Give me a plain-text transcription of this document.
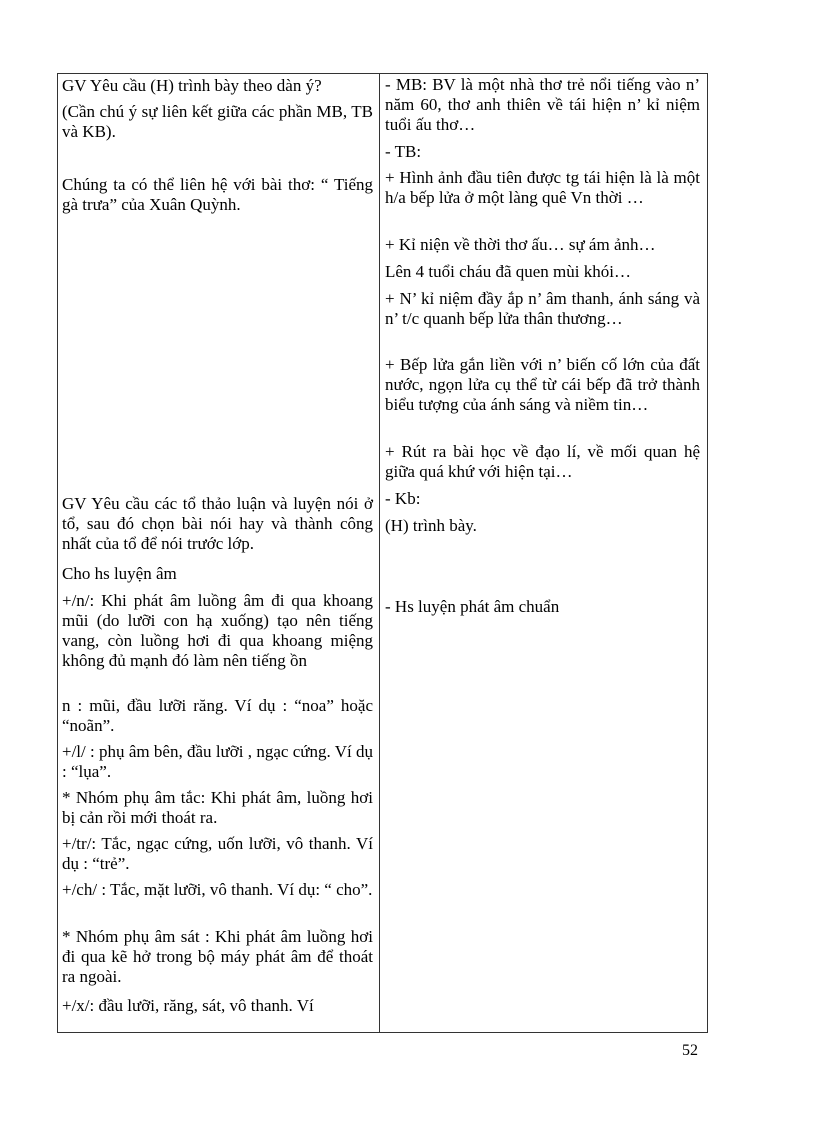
GV Yêu cầu (H) trình bày theo dàn ý?

(Cần chú ý sự liên kết giữa các phần MB, TB và KB).

Chúng ta có thể liên hệ với bài thơ: “ Tiếng gà trưa” của Xuân Quỳnh.

GV Yêu cầu các tổ thảo luận và luyện nói ở tổ, sau đó chọn bài nói hay và thành công nhất của tổ để nói trước lớp.

Cho hs luyện âm

+/n/: Khi phát âm luồng âm đi qua khoang mũi (do lưỡi con hạ xuống) tạo nên tiếng vang, còn luồng hơi đi qua khoang miệng không đủ mạnh đó làm nên tiếng ồn

n : mũi, đầu lưỡi răng. Ví dụ : “noa” hoặc “noãn”.

+/l/ : phụ âm bên, đầu lưỡi , ngạc cứng. Ví dụ : “lụa”.

* Nhóm phụ âm tắc: Khi phát âm, luồng hơi bị cản rồi mới thoát ra.

+/tr/: Tắc, ngạc cứng, uốn lưỡi, vô thanh. Ví dụ : “trẻ”.

+/ch/ : Tắc, mặt lưỡi, vô thanh. Ví dụ: “ cho”.

* Nhóm phụ âm sát : Khi phát âm luồng hơi đi qua kẽ hở trong bộ máy phát âm để thoát ra ngoài.

+/x/: đầu lưỡi, răng, sát, vô thanh. Ví

- MB: BV là một nhà thơ trẻ nổi tiếng vào n’ năm 60, thơ anh thiên về tái hiện n’ kỉ niệm tuổi ấu thơ…

- TB:

+ Hình ảnh đầu tiên được tg tái hiện là là một h/a bếp lửa ở một làng quê Vn thời …

+ Kỉ niện về thời thơ ấu… sự ám ảnh…

Lên 4 tuổi cháu đã quen mùi khói…

+ N’ kỉ niệm đầy ắp n’ âm thanh, ánh sáng và n’ t/c quanh bếp lửa thân thương…

+ Bếp lửa gắn liền với n’ biến cố lớn của đất nước, ngọn lửa cụ thể từ cái bếp đã trở thành biểu tượng của ánh sáng và niềm tin…

+ Rút ra bài học về đạo lí, về mối quan hệ giữa quá khứ với hiện tại…

- Kb:

(H) trình bày.

- Hs luyện phát âm chuẩn

52
